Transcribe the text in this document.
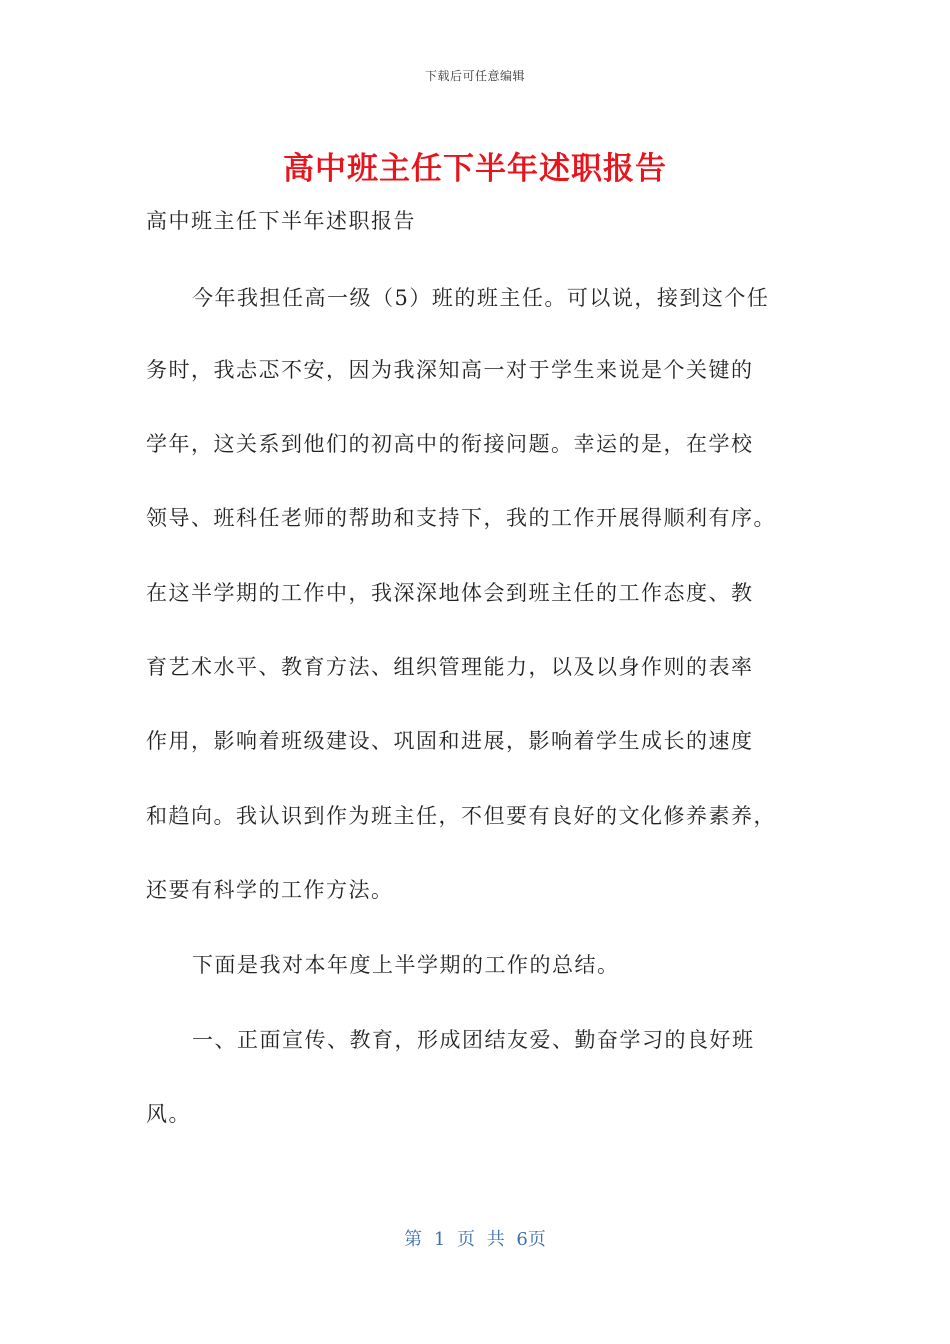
下载后可任意编辑
高中班主任下半年述职报告
高中班主任下半年述职报告
今年我担任高一级（5）班的班主任。可以说，接到这个任
务时，我忐忑不安，因为我深知高一对于学生来说是个关键的
学年，这关系到他们的初高中的衔接问题。幸运的是，在学校
领导、班科任老师的帮助和支持下，我的工作开展得顺利有序。
在这半学期的工作中，我深深地体会到班主任的工作态度、教
育艺术水平、教育方法、组织管理能力，以及以身作则的表率
作用，影响着班级建设、巩固和进展，影响着学生成长的速度
和趋向。我认识到作为班主任，不但要有良好的文化修养素养，
还要有科学的工作方法。
下面是我对本年度上半学期的工作的总结。
一、正面宣传、教育，形成团结友爱、勤奋学习的良好班
风。
第 1 页 共 6页
